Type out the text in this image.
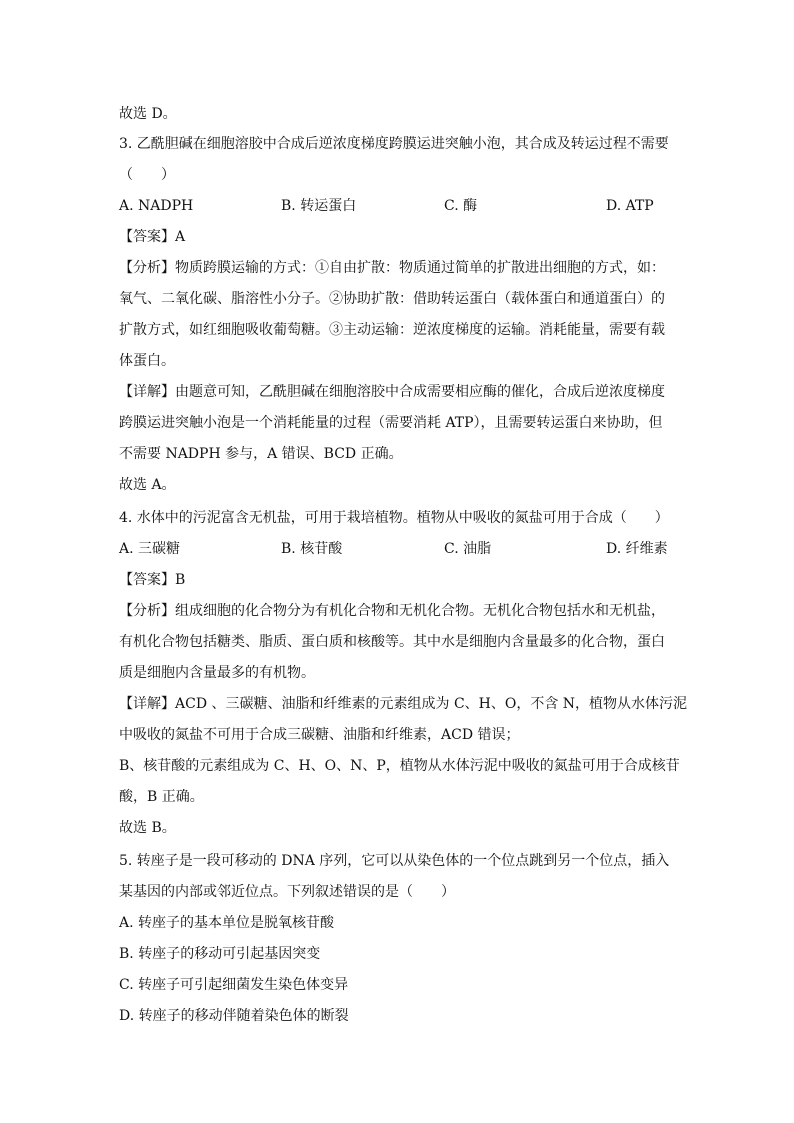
故选 D。
3. 乙酰胆碱在细胞溶胶中合成后逆浓度梯度跨膜运进突触小泡，其合成及转运过程不需要
（　　）
A. NADPH	B. 转运蛋白	C. 酶	D. ATP
【答案】A
【分析】物质跨膜运输的方式：①自由扩散：物质通过简单的扩散进出细胞的方式，如：
氧气、二氧化碳、脂溶性小分子。②协助扩散：借助转运蛋白（载体蛋白和通道蛋白）的
扩散方式，如红细胞吸收葡萄糖。③主动运输：逆浓度梯度的运输。消耗能量，需要有载
体蛋白。
【详解】由题意可知，乙酰胆碱在细胞溶胶中合成需要相应酶的催化，合成后逆浓度梯度
跨膜运进突触小泡是一个消耗能量的过程（需要消耗 ATP），且需要转运蛋白来协助，但
不需要 NADPH 参与，A 错误、BCD 正确。
故选 A。
4. 水体中的污泥富含无机盐，可用于栽培植物。植物从中吸收的氮盐可用于合成（　　）
A. 三碳糖	B. 核苷酸	C. 油脂	D. 纤维素
【答案】B
【分析】组成细胞的化合物分为有机化合物和无机化合物。无机化合物包括水和无机盐，
有机化合物包括糖类、脂质、蛋白质和核酸等。其中水是细胞内含量最多的化合物，蛋白
质是细胞内含量最多的有机物。
【详解】ACD 、三碳糖、油脂和纤维素的元素组成为 C、H、O，不含 N，植物从水体污泥
中吸收的氮盐不可用于合成三碳糖、油脂和纤维素，ACD 错误；
B、核苷酸的元素组成为 C、H、O、N、P，植物从水体污泥中吸收的氮盐可用于合成核苷
酸，B 正确。
故选 B。
5. 转座子是一段可移动的 DNA 序列，它可以从染色体的一个位点跳到另一个位点，插入
某基因的内部或邻近位点。下列叙述错误的是（　　）
A. 转座子的基本单位是脱氧核苷酸
B. 转座子的移动可引起基因突变
C. 转座子可引起细菌发生染色体变异
D. 转座子的移动伴随着染色体的断裂
